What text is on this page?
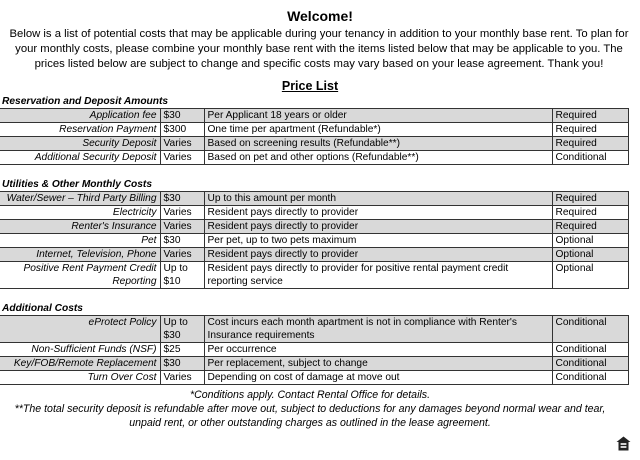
Welcome!
Below is a list of potential costs that may be applicable during your tenancy in addition to your monthly base rent. To plan for
your monthly costs, please combine your monthly base rent with the items listed below that may be applicable to you. The
prices listed below are subject to change and specific costs may vary based on your lease agreement. Thank you!
Price List
Reservation and Deposit Amounts			
Application fee	$30	Per Applicant 18 years or older	Required
Reservation Payment	$300	One time per apartment (Refundable*)	Required
Security Deposit	Varies	Based on screening results (Refundable**)	Required
Additional Security Deposit	Varies	Based on pet and other options (Refundable**)	Conditional

Utilities & Other Monthly Costs			
Water/Sewer – Third Party Billing	$30	Up to this amount per month	Required
Electricity	Varies	Resident pays directly to provider	Required
Renter's Insurance	Varies	Resident pays directly to provider	Required
Pet	$30	Per pet, up to two pets maximum	Optional
Internet, Television, Phone	Varies	Resident pays directly to provider	Optional
Positive Rent Payment Credit Reporting	Up to $10	Resident pays directly to provider for positive rental payment credit reporting service	Optional

Additional Costs			
eProtect Policy	Up to $30	Cost incurs each month apartment is not in compliance with Renter's Insurance requirements	Conditional
Non-Sufficient Funds (NSF)	$25	Per occurrence	Conditional
Key/FOB/Remote Replacement	$30	Per replacement, subject to change	Conditional
Turn Over Cost	Varies	Depending on cost of damage at move out	Conditional
*Conditions apply. Contact Rental Office for details.
**The total security deposit is refundable after move out, subject to deductions for any damages beyond normal wear and tear, unpaid rent, or other outstanding charges as outlined in the lease agreement.
